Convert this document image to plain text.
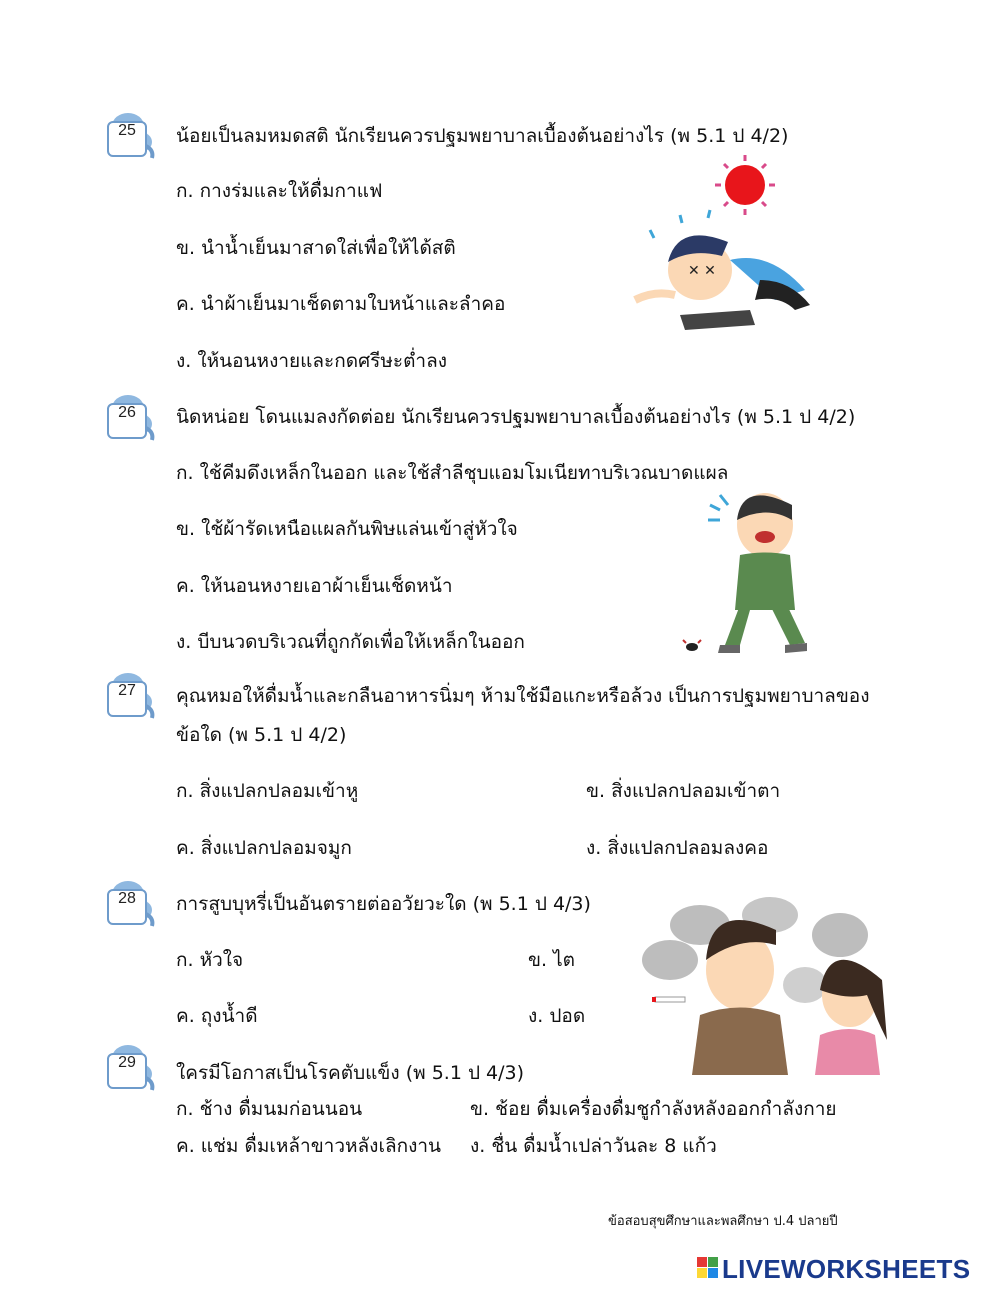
25	น้อยเป็นลมหมดสติ นักเรียนควรปฐมพยาบาลเบื้องต้นอย่างไร (พ 5.1 ป 4/2)
ก. กางร่มและให้ดื่มกาแฟ
ข. นำน้ำเย็นมาสาดใส่เพื่อให้ได้สติ
ค. นำผ้าเย็นมาเช็ดตามใบหน้าและลำคอ
ง. ให้นอนหงายและกดศรีษะต่ำลง
✕ ✕
26	นิดหน่อย โดนแมลงกัดต่อย นักเรียนควรปฐมพยาบาลเบื้องต้นอย่างไร (พ 5.1 ป 4/2)
ก. ใช้คีมดึงเหล็กในออก และใช้สำลีชุบแอมโมเนียทาบริเวณบาดแผล
ข. ใช้ผ้ารัดเหนือแผลกันพิษแล่นเข้าสู่หัวใจ
ค. ให้นอนหงายเอาผ้าเย็นเช็ดหน้า
ง. บีบนวดบริเวณที่ถูกกัดเพื่อให้เหล็กในออก
27	คุณหมอให้ดื่มน้ำและกลืนอาหารนิ่มๆ ห้ามใช้มือแกะหรือล้วง เป็นการปฐมพยาบาลของ
ข้อใด (พ 5.1 ป 4/2)
ก. สิ่งแปลกปลอมเข้าหู	ข. สิ่งแปลกปลอมเข้าตา
ค. สิ่งแปลกปลอมจมูก	ง. สิ่งแปลกปลอมลงคอ
28	การสูบบุหรี่เป็นอันตรายต่ออวัยวะใด (พ 5.1 ป 4/3)
ก. หัวใจ	ข. ไต
ค. ถุงน้ำดี	ง. ปอด
29	ใครมีโอกาสเป็นโรคตับแข็ง (พ 5.1 ป 4/3)
ก. ช้าง ดื่มนมก่อนนอน	ข. ช้อย ดื่มเครื่องดื่มชูกำลังหลังออกกำลังกาย
ค. แช่ม ดื่มเหล้าขาวหลังเลิกงาน ง. ชื่น ดื่มน้ำเปล่าวันละ 8 แก้ว
ข้อสอบสุขศึกษาและพลศึกษา ป.4 ปลายปี
LIVEWORKSHEETS
